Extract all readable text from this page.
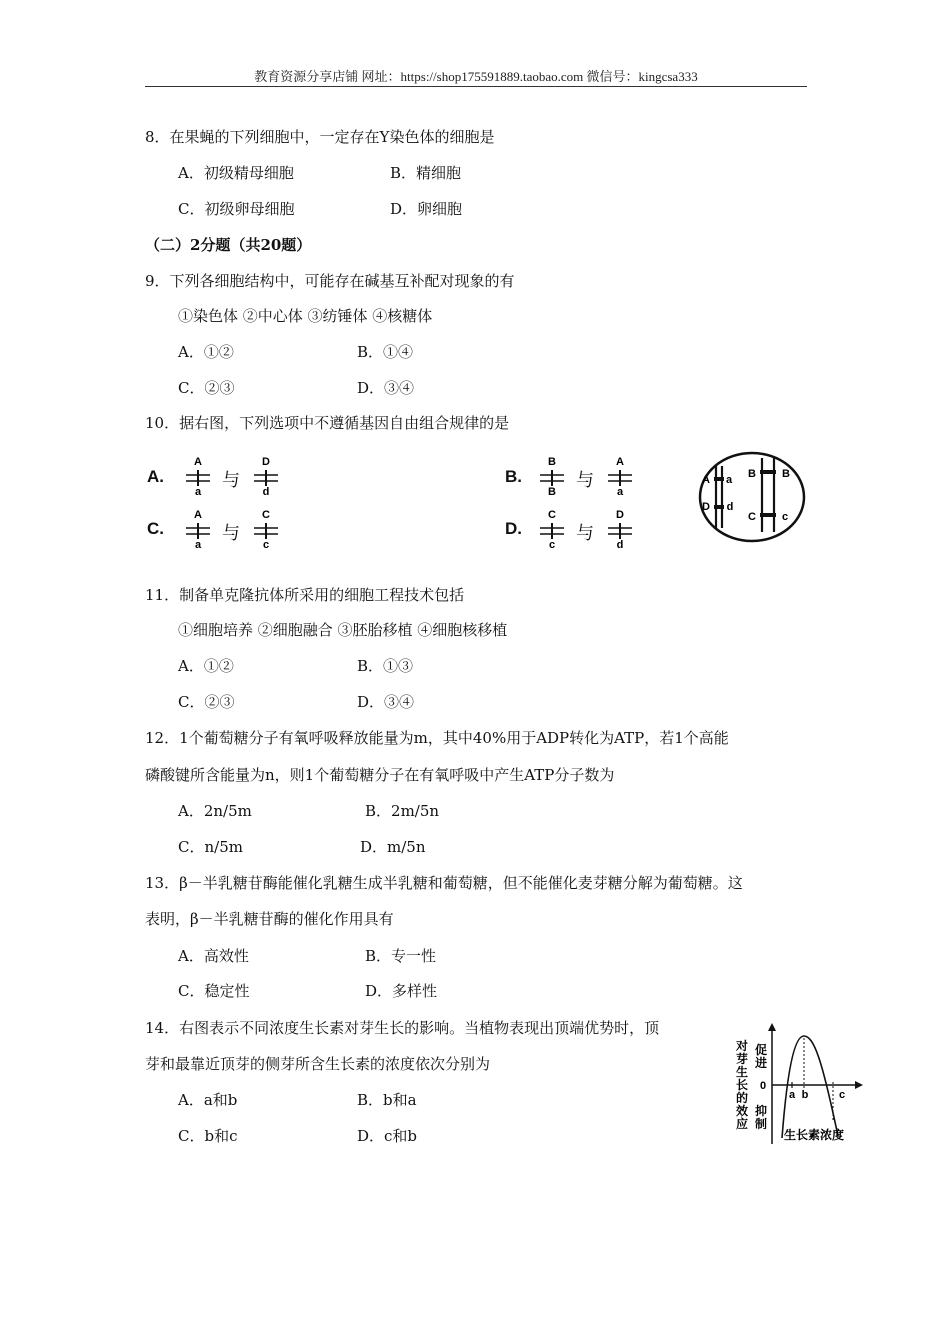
教育资源分享店铺 网址：https://shop175591889.taobao.com 微信号：kingcsa333
8．在果蝇的下列细胞中，一定存在Y染色体的细胞是
A．初级精母细胞	B．精细胞
C．初级卵母细胞	D．卵细胞
（二）2分题（共20题）
9．下列各细胞结构中，可能存在碱基互补配对现象的有
①染色体 ②中心体 ③纺锤体 ④核糖体
A．①②	B．①④
C．②③	D．③④
10．据右图，下列选项中不遵循基因自由组合规律的是
A.
A
a
D
d
与
C.
A
a
C
c
与
B.
B
B
A
a
与
D.
C
c
D
d
与
A a
D d
B B
C c
11．制备单克隆抗体所采用的细胞工程技术包括
①细胞培养 ②细胞融合 ③胚胎移植 ④细胞核移植
A．①②	B．①③
C．②③	D．③④
12．1个葡萄糖分子有氧呼吸释放能量为m，其中40%用于ADP转化为ATP，若1个高能
磷酸键所含能量为n，则1个葡萄糖分子在有氧呼吸中产生ATP分子数为
A．2n/5m	B．2m/5n
C．n/5m	D．m/5n
13．β－半乳糖苷酶能催化乳糖生成半乳糖和葡萄糖，但不能催化麦芽糖分解为葡萄糖。这
表明，β－半乳糖苷酶的催化作用具有
A．高效性	B．专一性
C．稳定性	D．多样性
14．右图表示不同浓度生长素对芽生长的影响。当植物表现出顶端优势时，顶
芽和最靠近顶芽的侧芽所含生长素的浓度依次分别为
A．a和b	B．b和a
C．b和c	D．c和b
对芽生长的效应
促进
抑制
0
a b	c
生长素浓度
